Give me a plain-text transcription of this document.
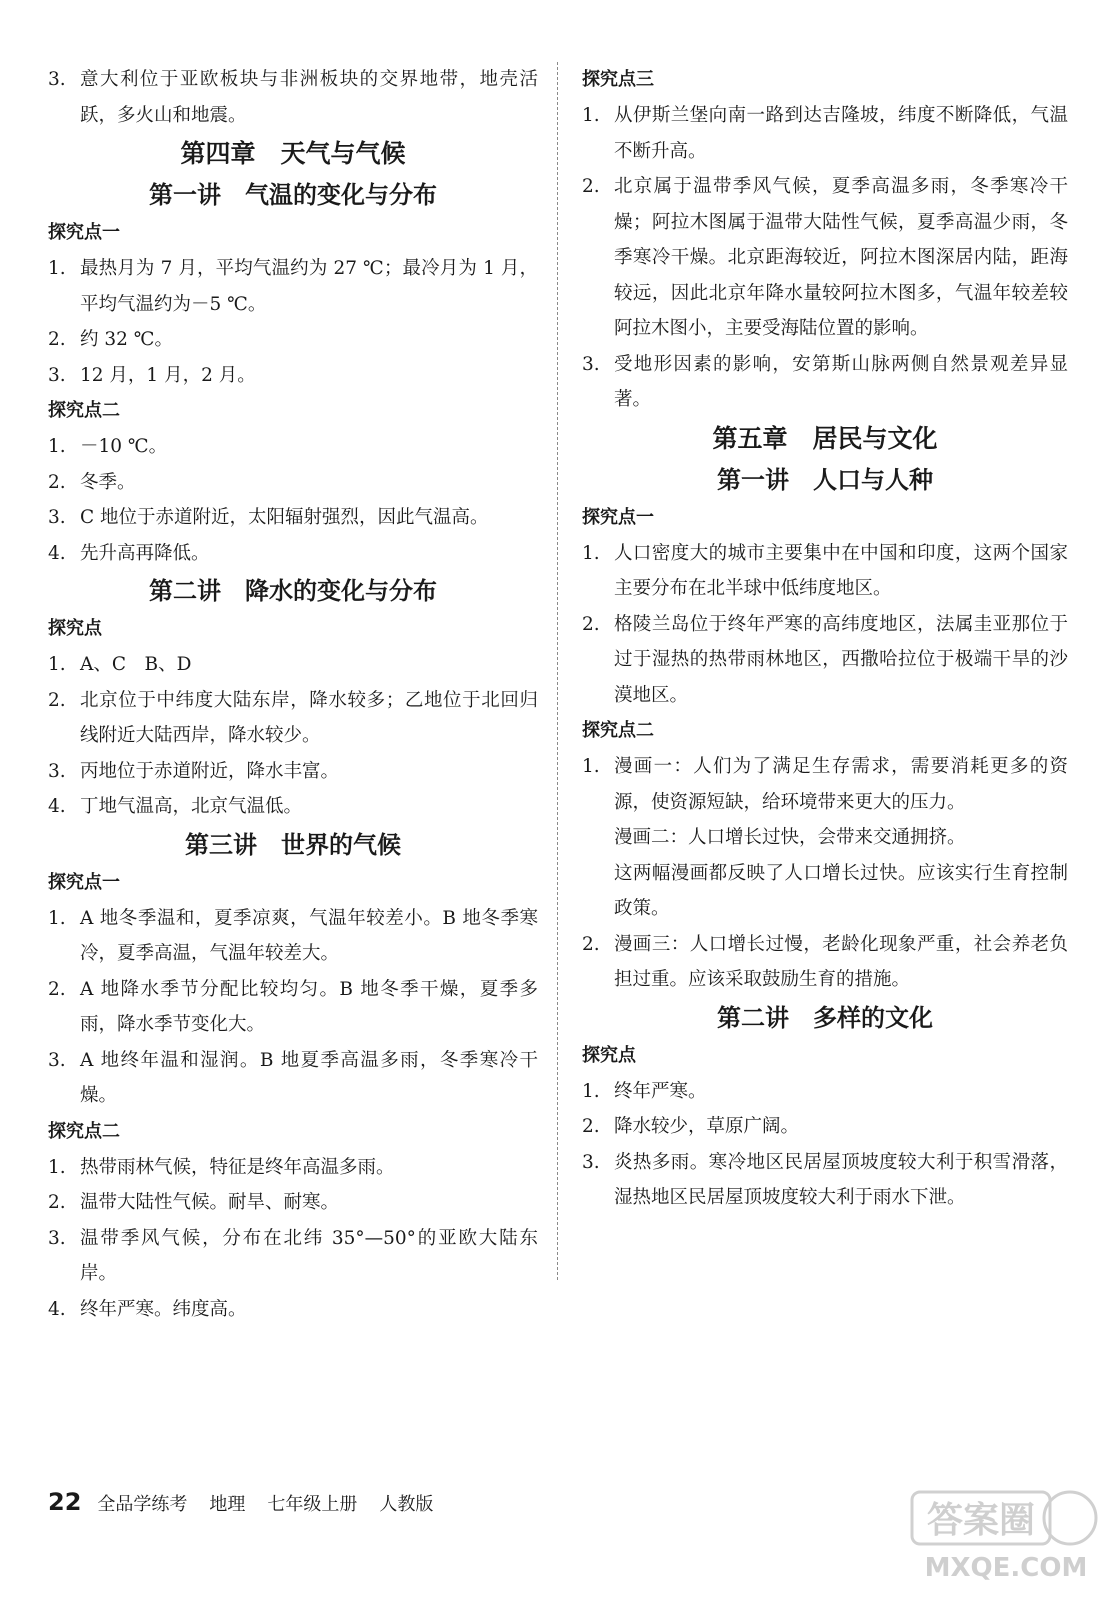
3. 意大利位于亚欧板块与非洲板块的交界地带，地壳活跃，多火山和地震。
第四章　天气与气候
第一讲　气温的变化与分布
探究点一
1. 最热月为 7 月，平均气温约为 27 ℃；最冷月为 1 月，平均气温约为－5 ℃。
2. 约 32 ℃。
3. 12 月，1 月，2 月。
探究点二
1. －10 ℃。
2. 冬季。
3. C 地位于赤道附近，太阳辐射强烈，因此气温高。
4. 先升高再降低。
第二讲　降水的变化与分布
探究点
1. A、C　B、D
2. 北京位于中纬度大陆东岸，降水较多；乙地位于北回归线附近大陆西岸，降水较少。
3. 丙地位于赤道附近，降水丰富。
4. 丁地气温高，北京气温低。
第三讲　世界的气候
探究点一
1. A 地冬季温和，夏季凉爽，气温年较差小。B 地冬季寒冷，夏季高温，气温年较差大。
2. A 地降水季节分配比较均匀。B 地冬季干燥，夏季多雨，降水季节变化大。
3. A 地终年温和湿润。B 地夏季高温多雨，冬季寒冷干燥。
探究点二
1. 热带雨林气候，特征是终年高温多雨。
2. 温带大陆性气候。耐旱、耐寒。
3. 温带季风气候，分布在北纬 35°—50°的亚欧大陆东岸。
4. 终年严寒。纬度高。
探究点三
1. 从伊斯兰堡向南一路到达吉隆坡，纬度不断降低，气温不断升高。
2. 北京属于温带季风气候，夏季高温多雨，冬季寒冷干燥；阿拉木图属于温带大陆性气候，夏季高温少雨，冬季寒冷干燥。北京距海较近，阿拉木图深居内陆，距海较远，因此北京年降水量较阿拉木图多，气温年较差较阿拉木图小，主要受海陆位置的影响。
3. 受地形因素的影响，安第斯山脉两侧自然景观差异显著。
第五章　居民与文化
第一讲　人口与人种
探究点一
1. 人口密度大的城市主要集中在中国和印度，这两个国家主要分布在北半球中低纬度地区。
2. 格陵兰岛位于终年严寒的高纬度地区，法属圭亚那位于过于湿热的热带雨林地区，西撒哈拉位于极端干旱的沙漠地区。
探究点二
1. 漫画一：人们为了满足生存需求，需要消耗更多的资源，使资源短缺，给环境带来更大的压力。
漫画二：人口增长过快，会带来交通拥挤。
这两幅漫画都反映了人口增长过快。应该实行生育控制政策。
2. 漫画三：人口增长过慢，老龄化现象严重，社会养老负担过重。应该采取鼓励生育的措施。
第二讲　多样的文化
探究点
1. 终年严寒。
2. 降水较少，草原广阔。
3. 炎热多雨。寒冷地区民居屋顶坡度较大利于积雪滑落，湿热地区民居屋顶坡度较大利于雨水下泄。
22 全品学练考 地理 七年级上册 人教版	答案圈
MXQE.COM
